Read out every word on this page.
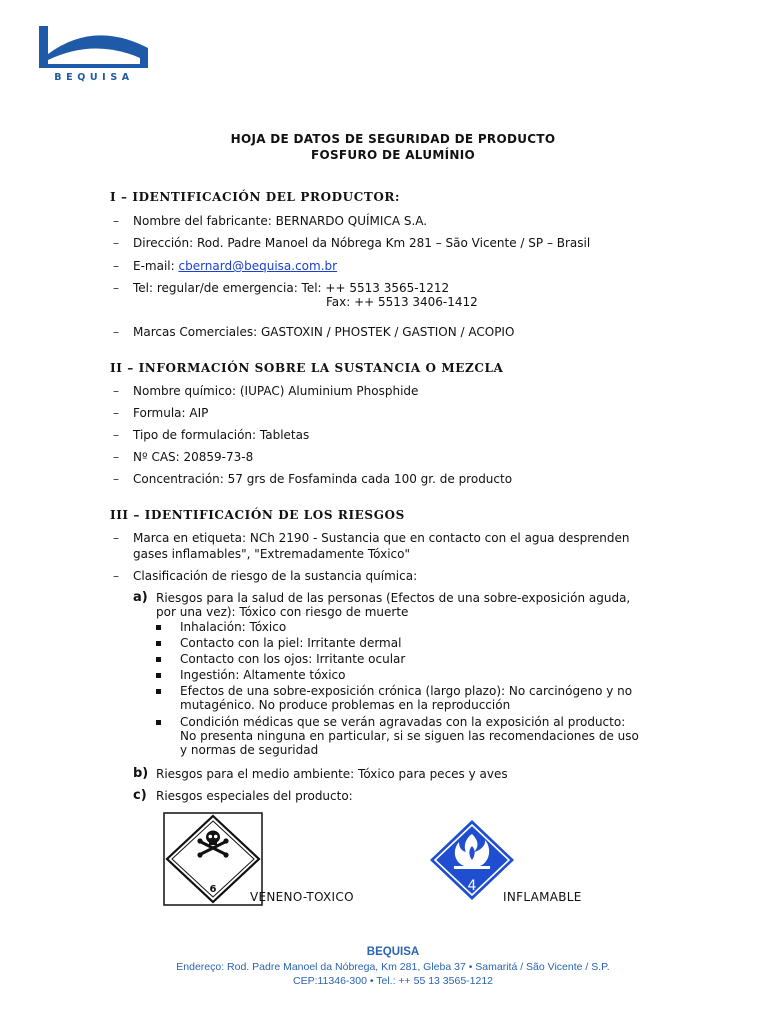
BEQUISA
HOJA DE DATOS DE SEGURIDAD DE PRODUCTO
FOSFURO DE ALUMÍNIO
I – IDENTIFICACIÓN DEL PRODUCTOR:
– Nombre del fabricante: BERNARDO QUÍMICA S.A.
– Dirección: Rod. Padre Manoel da Nóbrega Km 281 – São Vicente / SP – Brasil
– E-mail: cbernard@bequisa.com.br
– Tel: regular/de emergencia: Tel: ++ 5513 3565-1212
Fax: ++ 5513 3406-1412
– Marcas Comerciales: GASTOXIN / PHOSTEK / GASTION / ACOPIO
II – INFORMACIÓN SOBRE LA SUSTANCIA O MEZCLA
– Nombre químico: (IUPAC) Aluminium Phosphide
– Formula: AIP
– Tipo de formulación: Tabletas
– Nº CAS: 20859-73-8
– Concentración: 57 grs de Fosfaminda cada 100 gr. de producto
III – IDENTIFICACIÓN DE LOS RIESGOS
– Marca en etiqueta: NCh 2190 - Sustancia que en contacto con el agua desprenden
gases inflamables", "Extremadamente Tóxico"
– Clasificación de riesgo de la sustancia química:
a) Riesgos para la salud de las personas (Efectos de una sobre-exposición aguda,
por una vez): Tóxico con riesgo de muerte
Inhalación: Tóxico
Contacto con la piel: Irritante dermal
Contacto con los ojos: Irritante ocular
Ingestión: Altamente tóxico
Efectos de una sobre-exposición crónica (largo plazo): No carcinógeno y no
mutagénico. No produce problemas en la reproducción
Condición médicas que se verán agravadas con la exposición al producto:
No presenta ninguna en particular, si se siguen las recomendaciones de uso
y normas de seguridad
b) Riesgos para el medio ambiente: Tóxico para peces y aves
c) Riesgos especiales del producto:
6
VENENO-TOXICO
4
INFLAMABLE
BEQUISA
Endereço: Rod. Padre Manoel da Nóbrega, Km 281, Gleba 37 • Samaritá / São Vicente / S.P.
CEP:11346-300 • Tel.: ++ 55 13 3565-1212
